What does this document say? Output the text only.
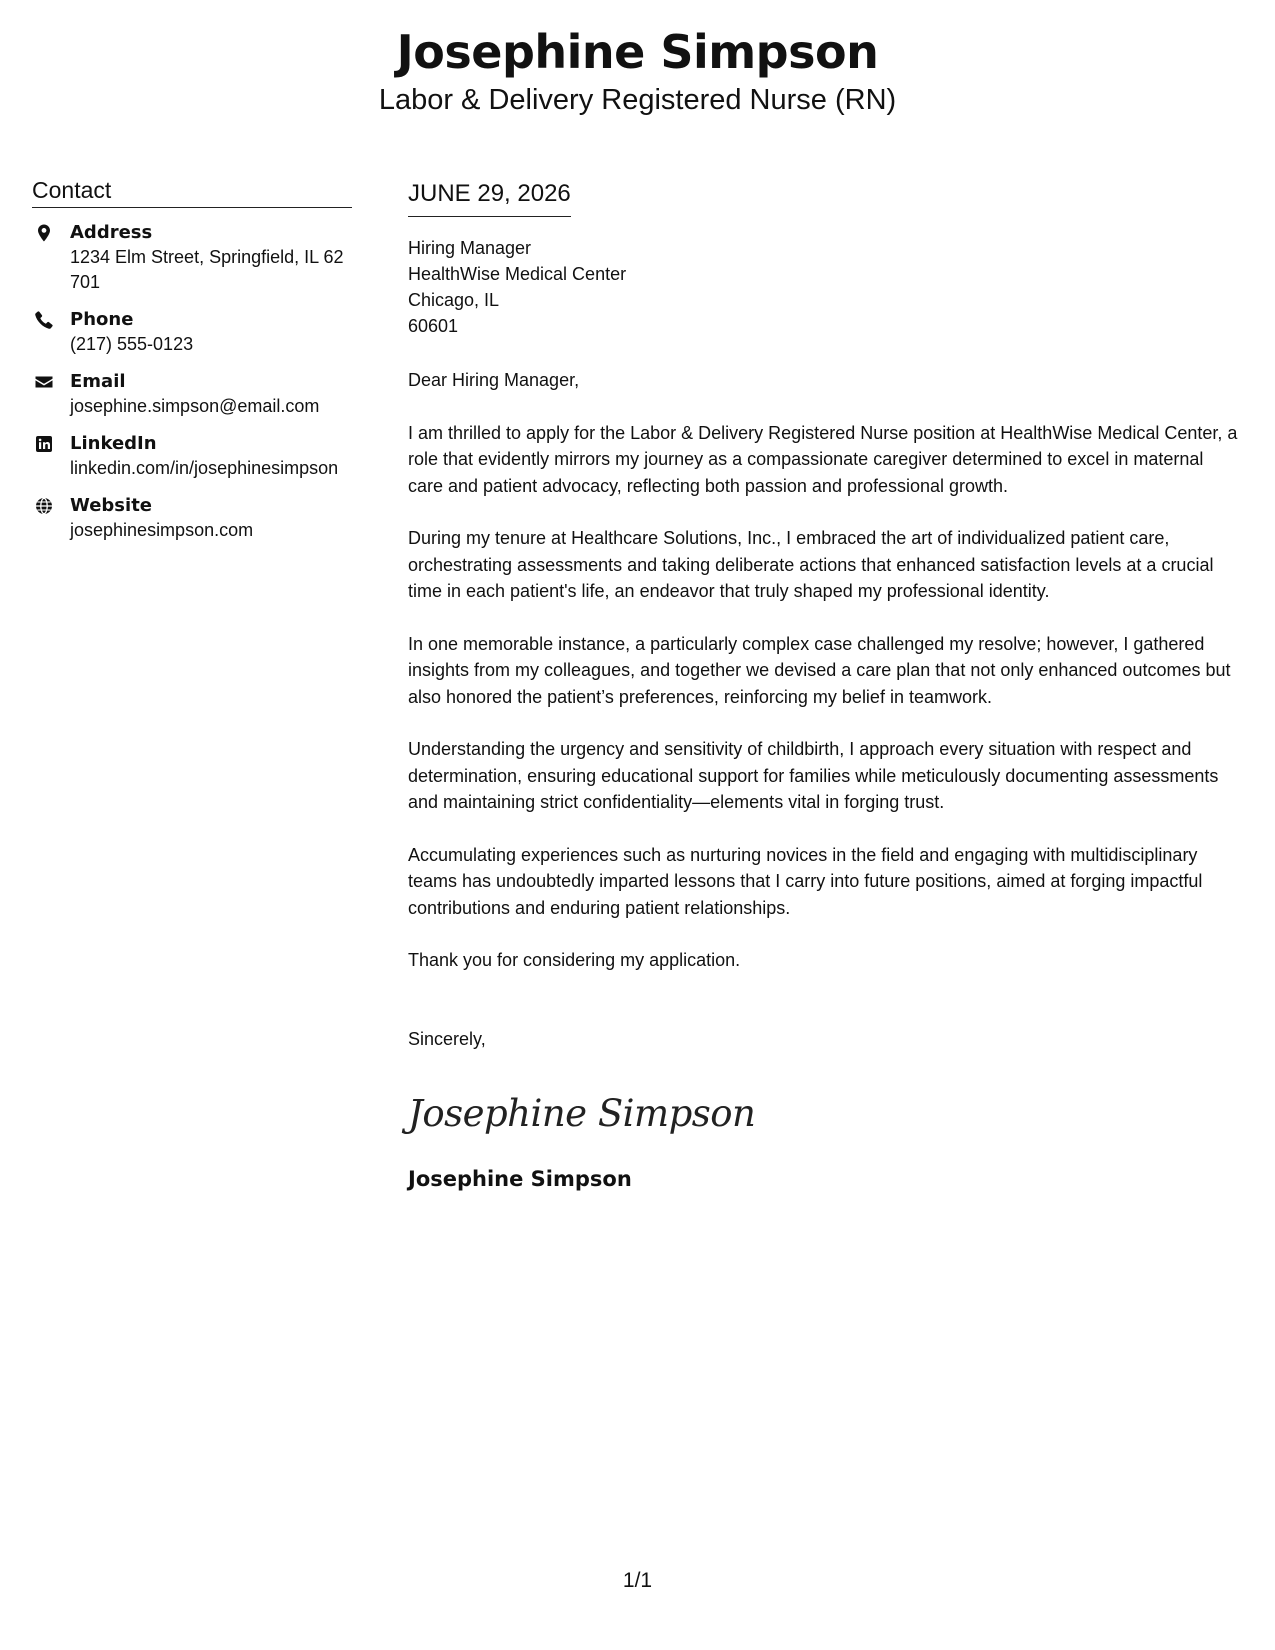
Josephine Simpson
Labor & Delivery Registered Nurse (RN)
Contact
Address
1234 Elm Street, Springfield, IL 62701
Phone
(217) 555-0123
Email
josephine.simpson@email.com
LinkedIn
linkedin.com/in/josephinesimpson
Website
josephinesimpson.com
JUNE 29, 2026
Hiring Manager
HealthWise Medical Center
Chicago, IL
60601

Dear Hiring Manager,

I am thrilled to apply for the Labor & Delivery Registered Nurse position at HealthWise Medical Center, a role that evidently mirrors my journey as a compassionate caregiver determined to excel in maternal care and patient advocacy, reflecting both passion and professional growth.

During my tenure at Healthcare Solutions, Inc., I embraced the art of individualized patient care, orchestrating assessments and taking deliberate actions that enhanced satisfaction levels at a crucial time in each patient's life, an endeavor that truly shaped my professional identity.

In one memorable instance, a particularly complex case challenged my resolve; however, I gathered insights from my colleagues, and together we devised a care plan that not only enhanced outcomes but also honored the patient’s preferences, reinforcing my belief in teamwork.

Understanding the urgency and sensitivity of childbirth, I approach every situation with respect and determination, ensuring educational support for families while meticulously documenting assessments and maintaining strict confidentiality—elements vital in forging trust.

Accumulating experiences such as nurturing novices in the field and engaging with multidisciplinary teams has undoubtedly imparted lessons that I carry into future positions, aimed at forging impactful contributions and enduring patient relationships.

Thank you for considering my application.

Sincerely,
Josephine Simpson
Josephine Simpson
1/1
